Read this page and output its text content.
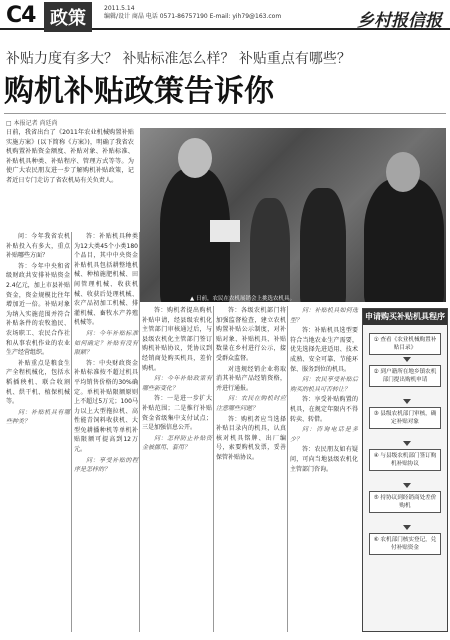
C4 政策	2011.5.14
编辑/设计 商晶 电话 0571-86757190 E-mail: yih79@163.com	乡村报信报
补贴力度有多大？ 补贴标准怎么样？ 补贴重点有哪些？
购机补贴政策告诉你
□ 本报记者 尚廷尚
日前，我省出台了《2011年农业机械购置补贴实施方案》(以下简称《方案》)，明确了我省农机购置补贴资金额度、补贴对象、补贴标准、补贴机具种类、补贴程序、管理方式等等。为使广大农民朋友进一步了解购机补贴政策，记者近日专门走访了省农机局有关负责人。
▲ 日前，农民在农机展销会上挑选农机具。

问：今年我省农机补贴投入有多大，重点补贴哪些方面？

答：今年中央和省级财政共安排补贴资金2.4亿元，加上市县补贴资金，资金规模比往年增加近一倍。补贴对象为纳入实施范围并符合补贴条件的农牧渔民、农场职工、农民合作社和从事农机作业的农业生产经营组织。

补贴重点是粮食生产全程机械化，包括水稻插秧机、联合收割机、烘干机、植保机械等。

问：补贴机具有哪些种类？

答：补贴机具种类为12大类45个小类180个品目，其中中央资金补贴机具包括耕整地机械、种植施肥机械、田间管理机械、收获机械、收获后处理机械、农产品初加工机械、排灌机械、畜牧水产养殖机械等。

问：今年补贴标准如何确定？补贴有没有限额？

答：中央财政资金补贴标准按不超过机具平均销售价格的30%确定。单机补贴限额原则上不超过5万元；100马力以上大型拖拉机、高性能青饲料收获机、大型免耕播种机等单机补贴限额可提高到12万元。

问：享受补贴的程序是怎样的？

答：购机者提出购机补贴申请，经县级农机化主管部门审核通过后，与县级农机化主管部门签订购机补贴协议，凭协议到经销商处购买机具，差价购机。

问：今年补贴政策有哪些新变化？

答：一是进一步扩大补贴范围；二是推行补贴资金省级集中支付试点；三是加强信息公开。

问：怎样防止补贴资金被挪用、套用？

答：各级农机部门将加强监督检查，建立农机购置补贴公示制度，对补贴对象、补贴机具、补贴数量在乡村进行公示，接受群众监督。

对违规经销企业将取消其补贴产品经销资格，并进行通报。

问：农民在购机时应注意哪些问题？

答：购机者应当选择补贴目录内的机具，认真核对机具铭牌、出厂编号，索要购机发票，妥善保管补贴协议。

问：补贴机具如何选型？

答：补贴机具选型要符合当地农业生产需要，优先选择先进适用、技术成熟、安全可靠、节能环保、服务到位的机具。

问：农民享受补贴后购买的机具可否转让？

答：享受补贴购置的机具，在规定年限内不得转卖、转借。

问：咨询电话是多少？

答：农民朋友如有疑问，可向当地县级农机化主管部门咨询。

申请购买补贴机具程序
① 查看《农业机械购置补贴目录》
② 到户籍所在地乡镇农机部门提出购机申请
③ 县级农机部门审核，确定补贴对象
④ 与县级农机部门签订购机补贴协议
⑤ 持协议到经销商处差价购机
⑥ 农机部门核实登记，兑付补贴资金
